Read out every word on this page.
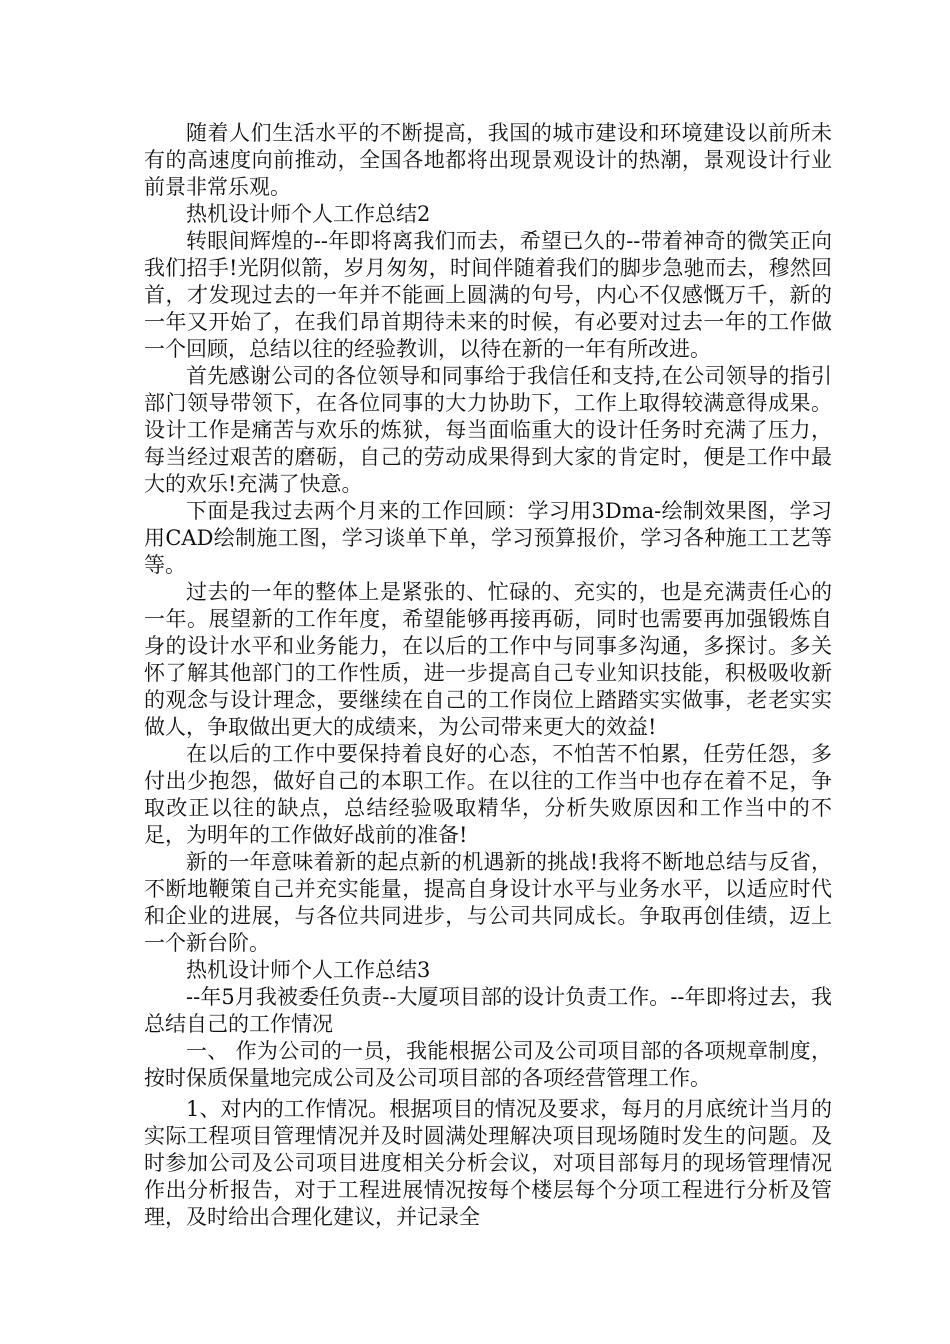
随着人们生活水平的不断提高，我国的城市建设和环境建设以前所未有的高速度向前推动，全国各地都将出现景观设计的热潮，景观设计行业前景非常乐观。

热机设计师个人工作总结2

转眼间辉煌的--年即将离我们而去，希望已久的--带着神奇的微笑正向我们招手!光阴似箭，岁月匆匆，时间伴随着我们的脚步急驰而去，穆然回首，才发现过去的一年并不能画上圆满的句号，内心不仅感慨万千，新的一年又开始了，在我们昂首期待未来的时候，有必要对过去一年的工作做一个回顾，总结以往的经验教训，以待在新的一年有所改进。

首先感谢公司的各位领导和同事给于我信任和支持,在公司领导的指引部门领导带领下，在各位同事的大力协助下，工作上取得较满意得成果。设计工作是痛苦与欢乐的炼狱，每当面临重大的设计任务时充满了压力，每当经过艰苦的磨砺，自己的劳动成果得到大家的肯定时，便是工作中最大的欢乐!充满了快意。

下面是我过去两个月来的工作回顾：学习用3Dma-绘制效果图，学习用CAD绘制施工图，学习谈单下单，学习预算报价，学习各种施工工艺等等。

过去的一年的整体上是紧张的、忙碌的、充实的，也是充满责任心的一年。展望新的工作年度，希望能够再接再砺，同时也需要再加强锻炼自身的设计水平和业务能力，在以后的工作中与同事多沟通，多探讨。多关怀了解其他部门的工作性质，进一步提高自己专业知识技能，积极吸收新的观念与设计理念，要继续在自己的工作岗位上踏踏实实做事，老老实实做人，争取做出更大的成绩来，为公司带来更大的效益!

在以后的工作中要保持着良好的心态，不怕苦不怕累，任劳任怨，多付出少抱怨，做好自己的本职工作。在以往的工作当中也存在着不足，争取改正以往的缺点，总结经验吸取精华，分析失败原因和工作当中的不足，为明年的工作做好战前的准备!

新的一年意味着新的起点新的机遇新的挑战!我将不断地总结与反省，不断地鞭策自己并充实能量，提高自身设计水平与业务水平，以适应时代和企业的进展，与各位共同进步，与公司共同成长。争取再创佳绩，迈上一个新台阶。

热机设计师个人工作总结3

--年5月我被委任负责--大厦项目部的设计负责工作。--年即将过去，我总结自己的工作情况

一、 作为公司的一员，我能根据公司及公司项目部的各项规章制度，按时保质保量地完成公司及公司项目部的各项经营管理工作。

1、对内的工作情况。根据项目的情况及要求，每月的月底统计当月的实际工程项目管理情况并及时圆满处理解决项目现场随时发生的问题。及时参加公司及公司项目进度相关分析会议，对项目部每月的现场管理情况作出分析报告，对于工程进展情况按每个楼层每个分项工程进行分析及管理，及时给出合理化建议，并记录全
